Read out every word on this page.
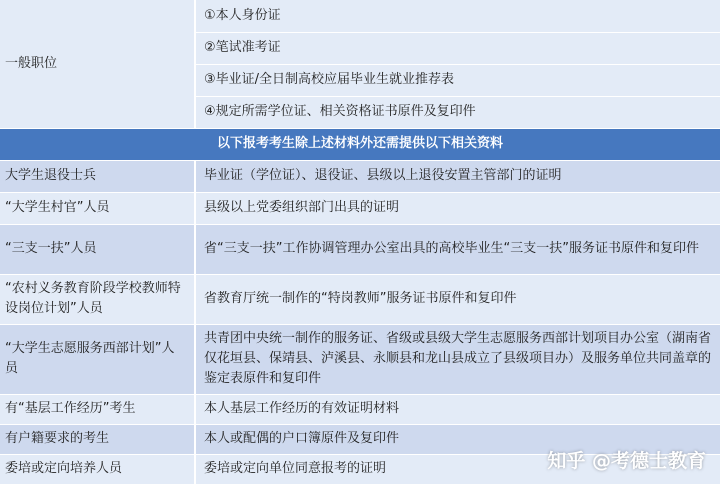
一般职位	①本人身份证
	②笔试准考证
	③毕业证/全日制高校应届毕业生就业推荐表
	④规定所需学位证、相关资格证书原件及复印件
以下报考考生除上述材料外还需提供以下相关资料	
大学生退役士兵	毕业证（学位证）、退役证、县级以上退役安置主管部门的证明
“大学生村官”人员	县级以上党委组织部门出具的证明
“三支一扶”人员	省“三支一扶”工作协调管理办公室出具的高校毕业生“三支一扶”服务证书原件和复印件
“农村义务教育阶段学校教师特设岗位计划”人员	省教育厅统一制作的“特岗教师”服务证书原件和复印件
“大学生志愿服务西部计划”人员	共青团中央统一制作的服务证、省级或县级大学生志愿服务西部计划项目办公室（湖南省仅花垣县、保靖县、泸溪县、永顺县和龙山县成立了县级项目办）及服务单位共同盖章的鉴定表原件和复印件
有“基层工作经历”考生	本人基层工作经历的有效证明材料
有户籍要求的考生	本人或配偶的户口簿原件及复印件
委培或定向培养人员	委培或定向单位同意报考的证明	知乎 @考德士教育
